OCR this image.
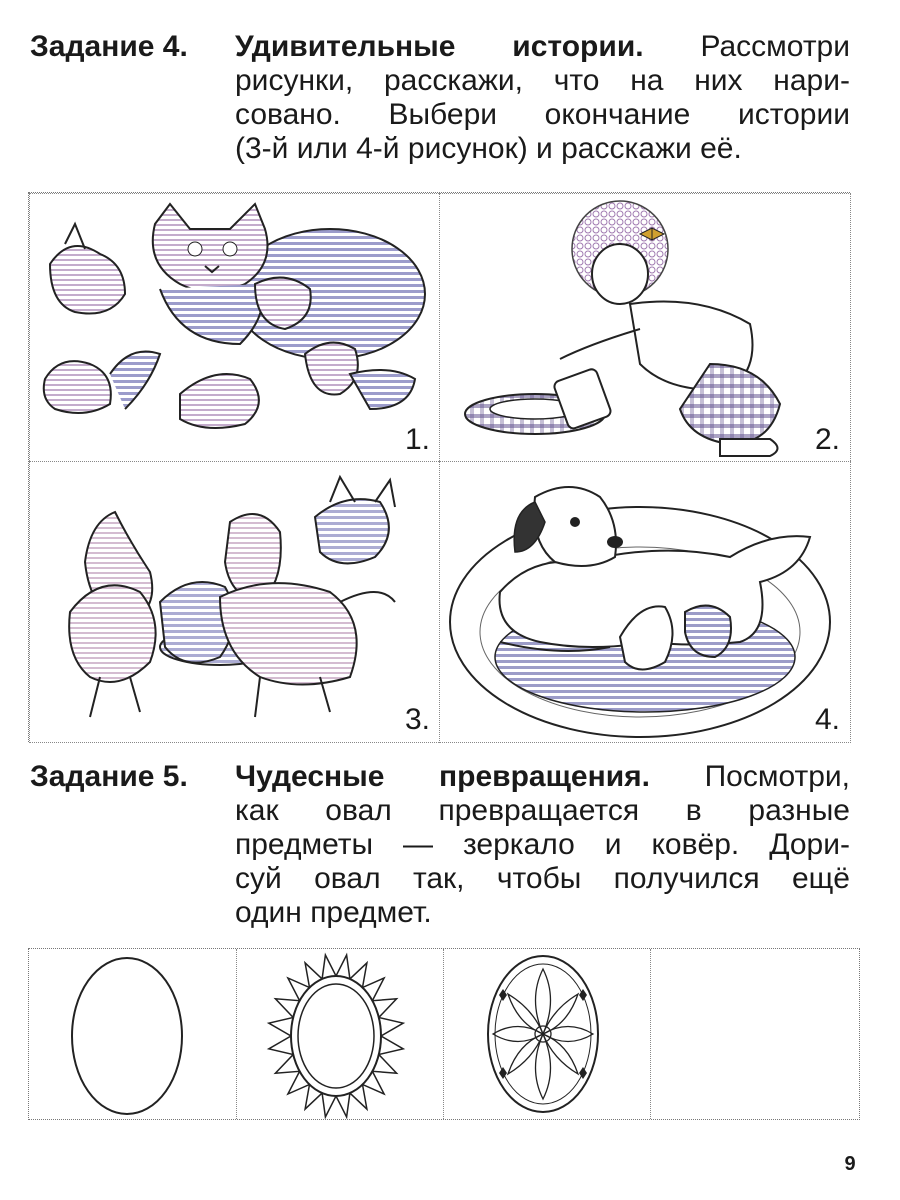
Задание 4. Удивительные истории. Рассмотри
рисунки, расскажи, что на них нари-
совано. Выбери окончание истории
(3-й или 4-й рисунок) и расскажи её.
1.	2.
3.	4.
Задание 5. Чудесные превращения. Посмотри,
как овал превращается в разные
предметы — зеркало и ковёр. Дори-
суй овал так, чтобы получился ещё
один предмет.
9
